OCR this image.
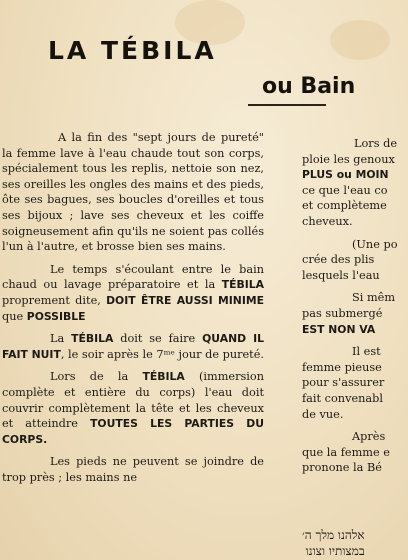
LA TÉBILA
ou Bain

A la fin des "sept jours de pureté" la femme lave à l'eau chaude tout son corps, spécialement tous les replis, nettoie son nez, ses oreilles les ongles des mains et des pieds, ôte ses bagues, ses boucles d'oreilles et tous ses bijoux ; lave ses cheveux et les coiffe soigneusement afin qu'ils ne soient pas collés l'un à l'autre, et brosse bien ses mains.

Le temps s'écoulant entre le bain chaud ou lavage préparatoire et la TÉBILA proprement dite, DOIT ÊTRE AUSSI MINIME que POSSIBLE

La TÉBILA doit se faire QUAND IL FAIT NUIT, le soir après le 7ᵐᵉ jour de pureté.

Lors de la TÉBILA (immersion complète et entière du corps) l'eau doit couvrir complètement la tête et les cheveux et atteindre TOUTES LES PARTIES DU CORPS.

Les pieds ne peuvent se joindre de trop près ; les mains ne

Lors de
ploie les genoux
PLUS ou MOIN
ce que l'eau co
et complèteme
cheveux.
(Une po
crée des plis
lesquels l'eau
Si mêm
pas submergé
EST NON VA
Il est
femme pieuse
pour s'assurer
fait convenabl
de vue.
Après
que la femme e
pronone la Bé
אלהנו מלך ה׳
במצותיו וצונו
